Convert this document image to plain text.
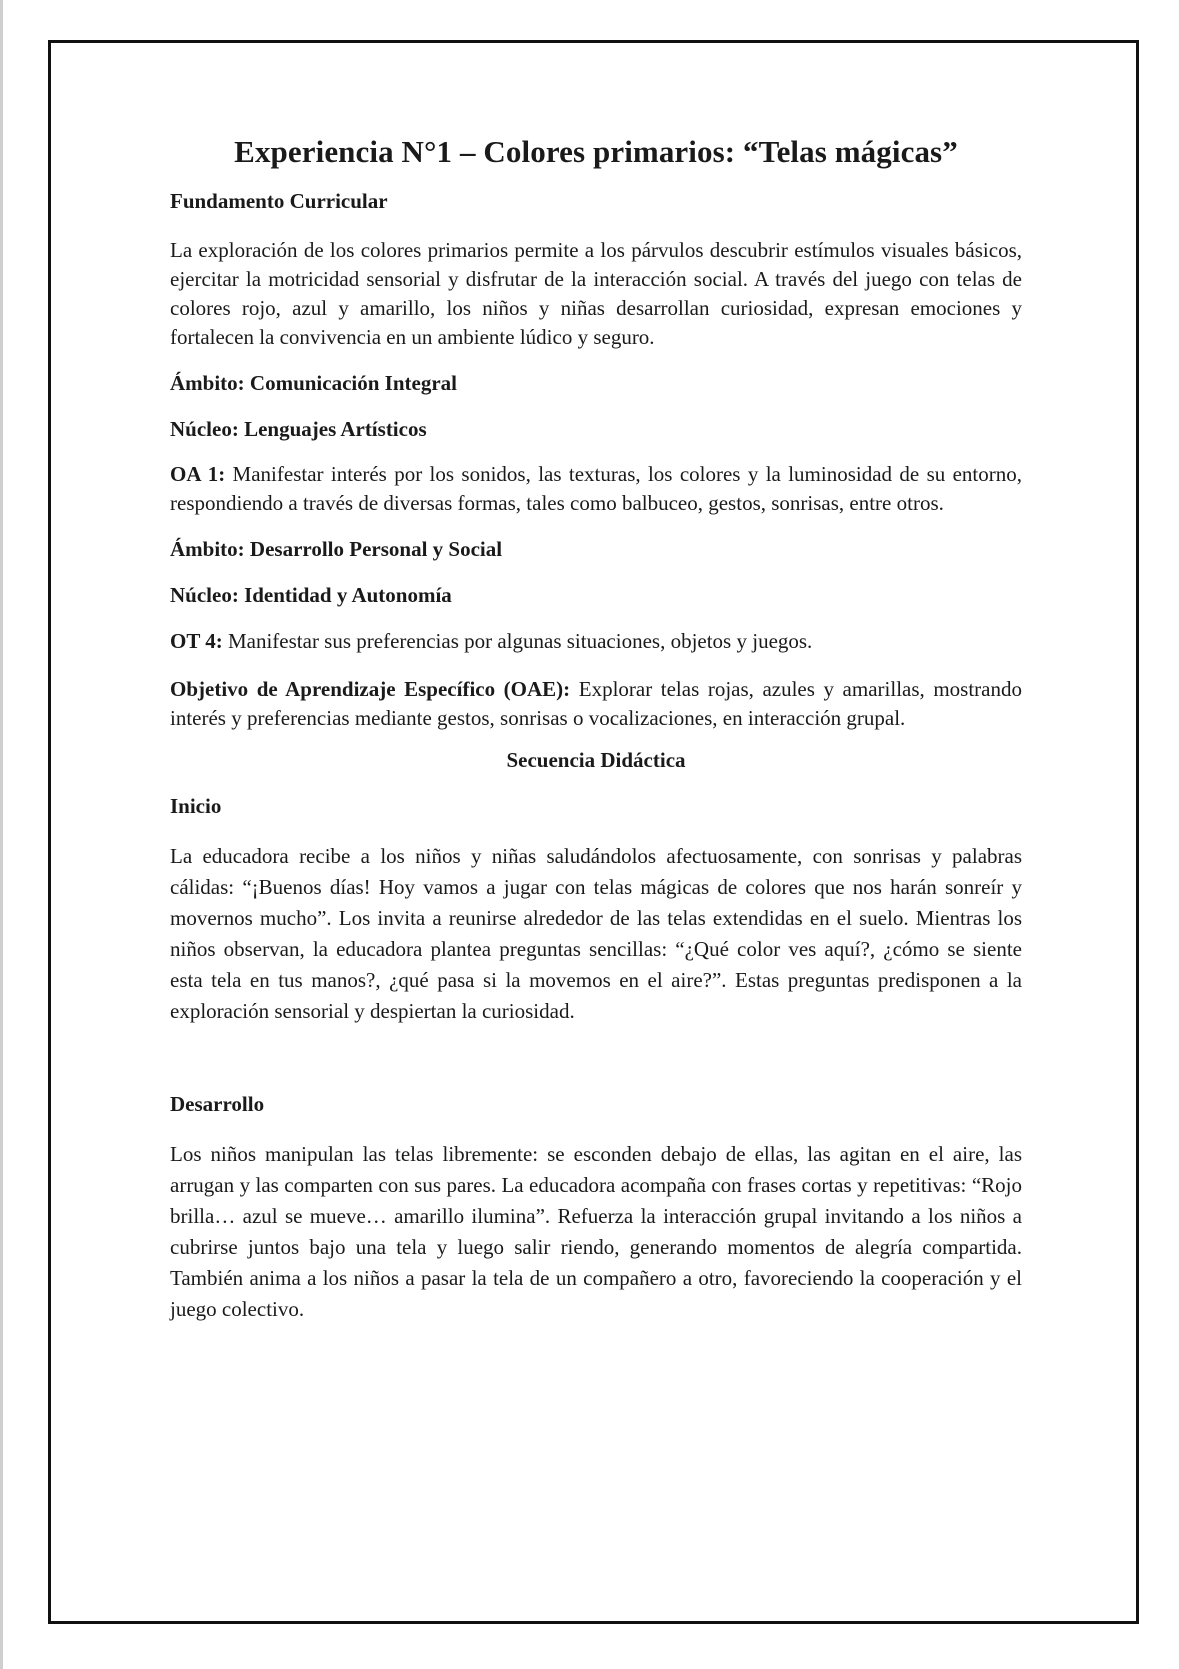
Experiencia N°1 – Colores primarios: “Telas mágicas”
Fundamento Curricular

La exploración de los colores primarios permite a los párvulos descubrir estímulos visuales básicos, ejercitar la motricidad sensorial y disfrutar de la interacción social. A través del juego con telas de colores rojo, azul y amarillo, los niños y niñas desarrollan curiosidad, expresan emociones y fortalecen la convivencia en un ambiente lúdico y seguro.

Ámbito: Comunicación Integral
Núcleo: Lenguajes Artísticos

OA 1: Manifestar interés por los sonidos, las texturas, los colores y la luminosidad de su entorno, respondiendo a través de diversas formas, tales como balbuceo, gestos, sonrisas, entre otros.

Ámbito: Desarrollo Personal y Social
Núcleo: Identidad y Autonomía

OT 4: Manifestar sus preferencias por algunas situaciones, objetos y juegos.

Objetivo de Aprendizaje Específico (OAE): Explorar telas rojas, azules y amarillas, mostrando interés y preferencias mediante gestos, sonrisas o vocalizaciones, en interacción grupal.

Secuencia Didáctica
Inicio

La educadora recibe a los niños y niñas saludándolos afectuosamente, con sonrisas y palabras cálidas: “¡Buenos días! Hoy vamos a jugar con telas mágicas de colores que nos harán sonreír y movernos mucho”. Los invita a reunirse alrededor de las telas extendidas en el suelo. Mientras los niños observan, la educadora plantea preguntas sencillas: “¿Qué color ves aquí?, ¿cómo se siente esta tela en tus manos?, ¿qué pasa si la movemos en el aire?”. Estas preguntas predisponen a la exploración sensorial y despiertan la curiosidad.

Desarrollo

Los niños manipulan las telas libremente: se esconden debajo de ellas, las agitan en el aire, las arrugan y las comparten con sus pares. La educadora acompaña con frases cortas y repetitivas: “Rojo brilla… azul se mueve… amarillo ilumina”. Refuerza la interacción grupal invitando a los niños a cubrirse juntos bajo una tela y luego salir riendo, generando momentos de alegría compartida. También anima a los niños a pasar la tela de un compañero a otro, favoreciendo la cooperación y el juego colectivo.
